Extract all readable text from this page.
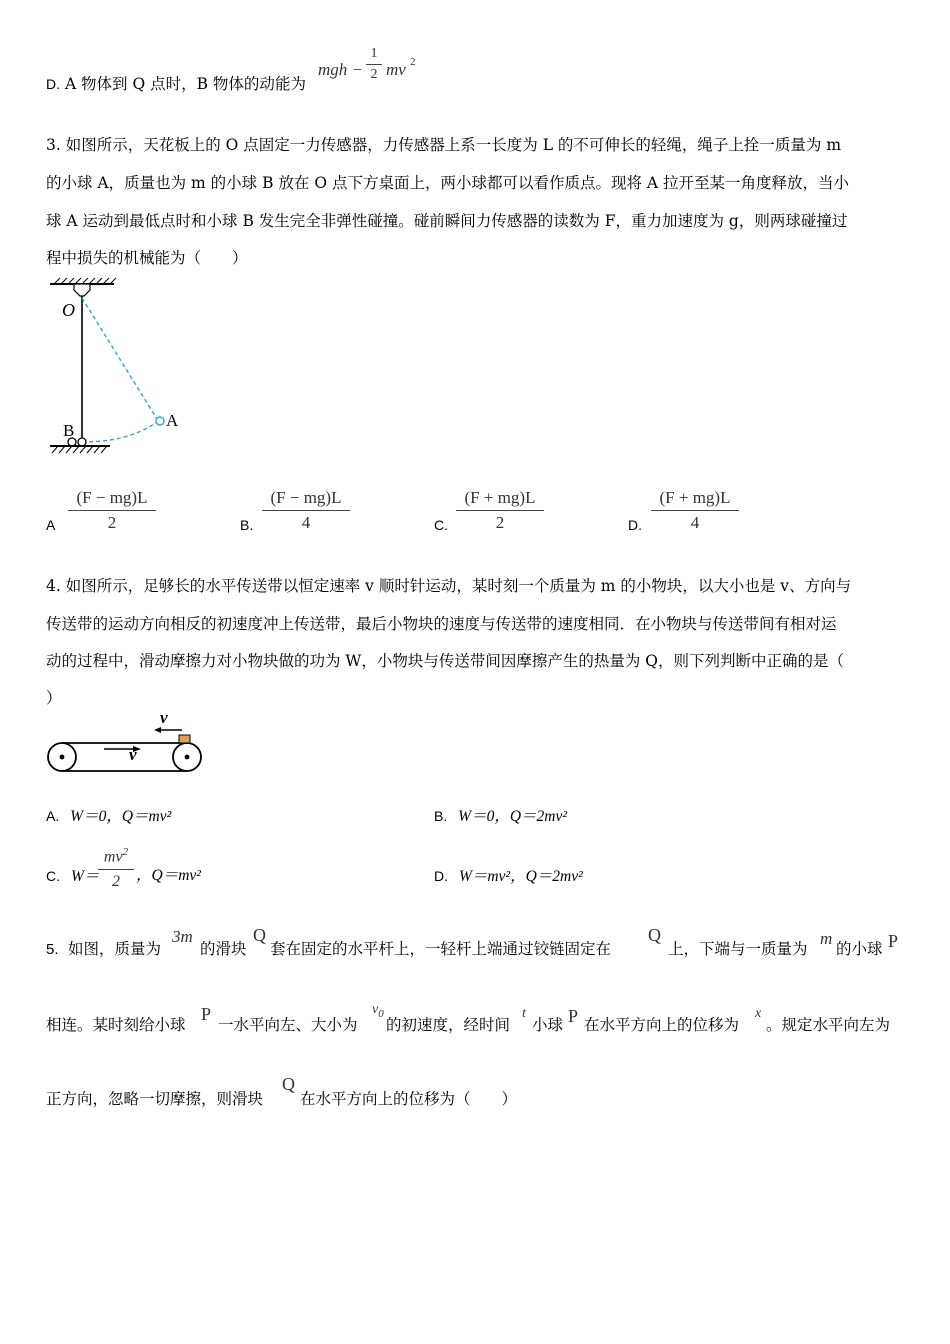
D. A 物体到 Q 点时，B 物体的动能为
mgh −
1
2 mv 2
3. 如图所示，天花板上的 O 点固定一力传感器，力传感器上系一长度为 L 的不可伸长的轻绳，绳子上拴一质量为 m
的小球 A，质量也为 m 的小球 B 放在 O 点下方桌面上，两小球都可以看作质点。现将 A 拉开至某一角度释放，当小
球 A 运动到最低点时和小球 B 发生完全非弹性碰撞。碰前瞬间力传感器的读数为 F，重力加速度为 g，则两球碰撞过
程中损失的机械能为（　　）
O
A
B
A
(F − mg)L
2	B.
(F − mg)L
4	C.
(F + mg)L
2	D.
(F + mg)L
4
4. 如图所示，足够长的水平传送带以恒定速率 v 顺时针运动，某时刻一个质量为 m 的小物块，以大小也是 v、方向与
传送带的运动方向相反的初速度冲上传送带，最后小物块的速度与传送带的速度相同．在小物块与传送带间有相对运
动的过程中，滑动摩擦力对小物块做的功为 W，小物块与传送带间因摩擦产生的热量为 Q，则下列判断中正确的是（
）
v
v
A. W＝0，Q＝mv²	B. W＝0，Q＝2mv²
C. W＝
$mv^2$
2	，Q＝mv²	D. W＝mv²，Q＝2mv²
5. 如图，质量为
3m
的滑块
Q
套在固定的水平杆上，一轻杆上端通过铰链固定在
Q
上，下端与一质量为
m
的小球 P
相连。某时刻给小球
P
一水平向左、大小为
$v_0$
的初速度，经时间
t
小球 P 在水平方向上的位移为
x
。规定水平向左为
正方向，忽略一切摩擦，则滑块
Q
在水平方向上的位移为（　　）
